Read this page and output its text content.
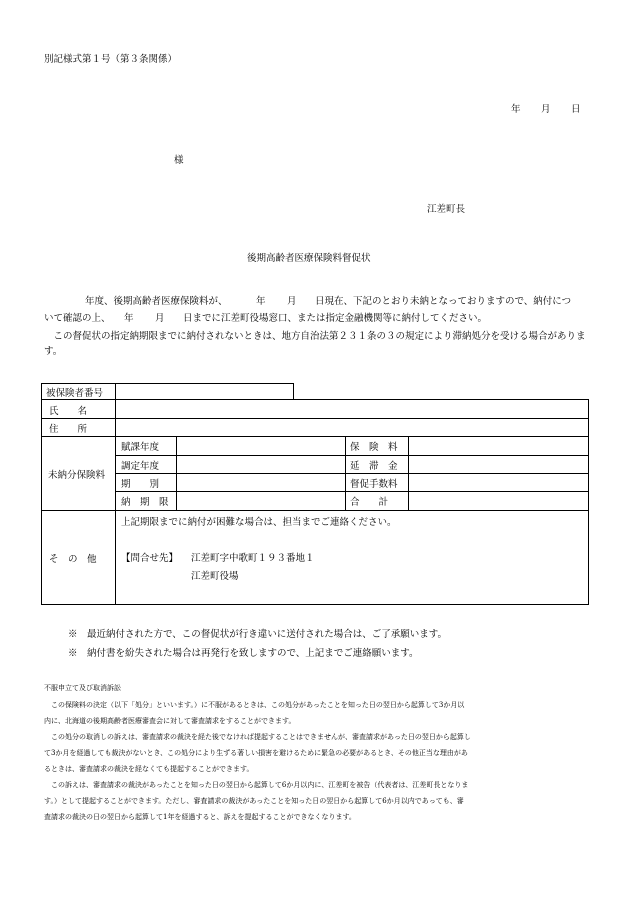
別記様式第１号（第３条関係）
年 月 日
様
江差町長
後期高齢者医療保険料督促状
年度、後期高齢者医療保険料が、	年 月 日現在、下記のとおり未納となっておりますので、納付につ
いて確認の上、 年 月 日までに江差町役場窓口、または指定金融機関等に納付してください。
　この督促状の指定納期限までに納付されないときは、地方自治法第２３１条の３の規定により滞納処分を受ける場合があります。
被保険者番号
氏　　名
住　　所
未納分保険料
賦課年度
調定年度
期　　別
納　期　限
保　険　料
延　滞　金
督促手数料
合　　計
そ　の　他
上記期限までに納付が困難な場合は、担当までご連絡ください。
【問合せ先】 江差町字中歌町１９３番地１
江差町役場
※　最近納付された方で、この督促状が行き違いに送付された場合は、ご了承願います。
※　納付書を紛失された場合は再発行を致しますので、上記までご連絡願います。
不服申立て及び取消訴訟
　この保険料の決定（以下「処分」といいます。）に不服があるときは、この処分があったことを知った日の翌日から起算して3か月以
内に、北海道の後期高齢者医療審査会に対して審査請求をすることができます。
　この処分の取消しの訴えは、審査請求の裁決を経た後でなければ提起することはできませんが、審査請求があった日の翌日から起算し
て3か月を経過しても裁決がないとき、この処分により生ずる著しい損害を避けるために緊急の必要があるとき、その他正当な理由があ
るときは、審査請求の裁決を経なくても提起することができます。
　この訴えは、審査請求の裁決があったことを知った日の翌日から起算して6か月以内に、江差町を被告（代表者は、江差町長となりま
す。）として提起することができます。ただし、審査請求の裁決があったことを知った日の翌日から起算して6か月以内であっても、審
査請求の裁決の日の翌日から起算して1年を経過すると、訴えを提起することができなくなります。
